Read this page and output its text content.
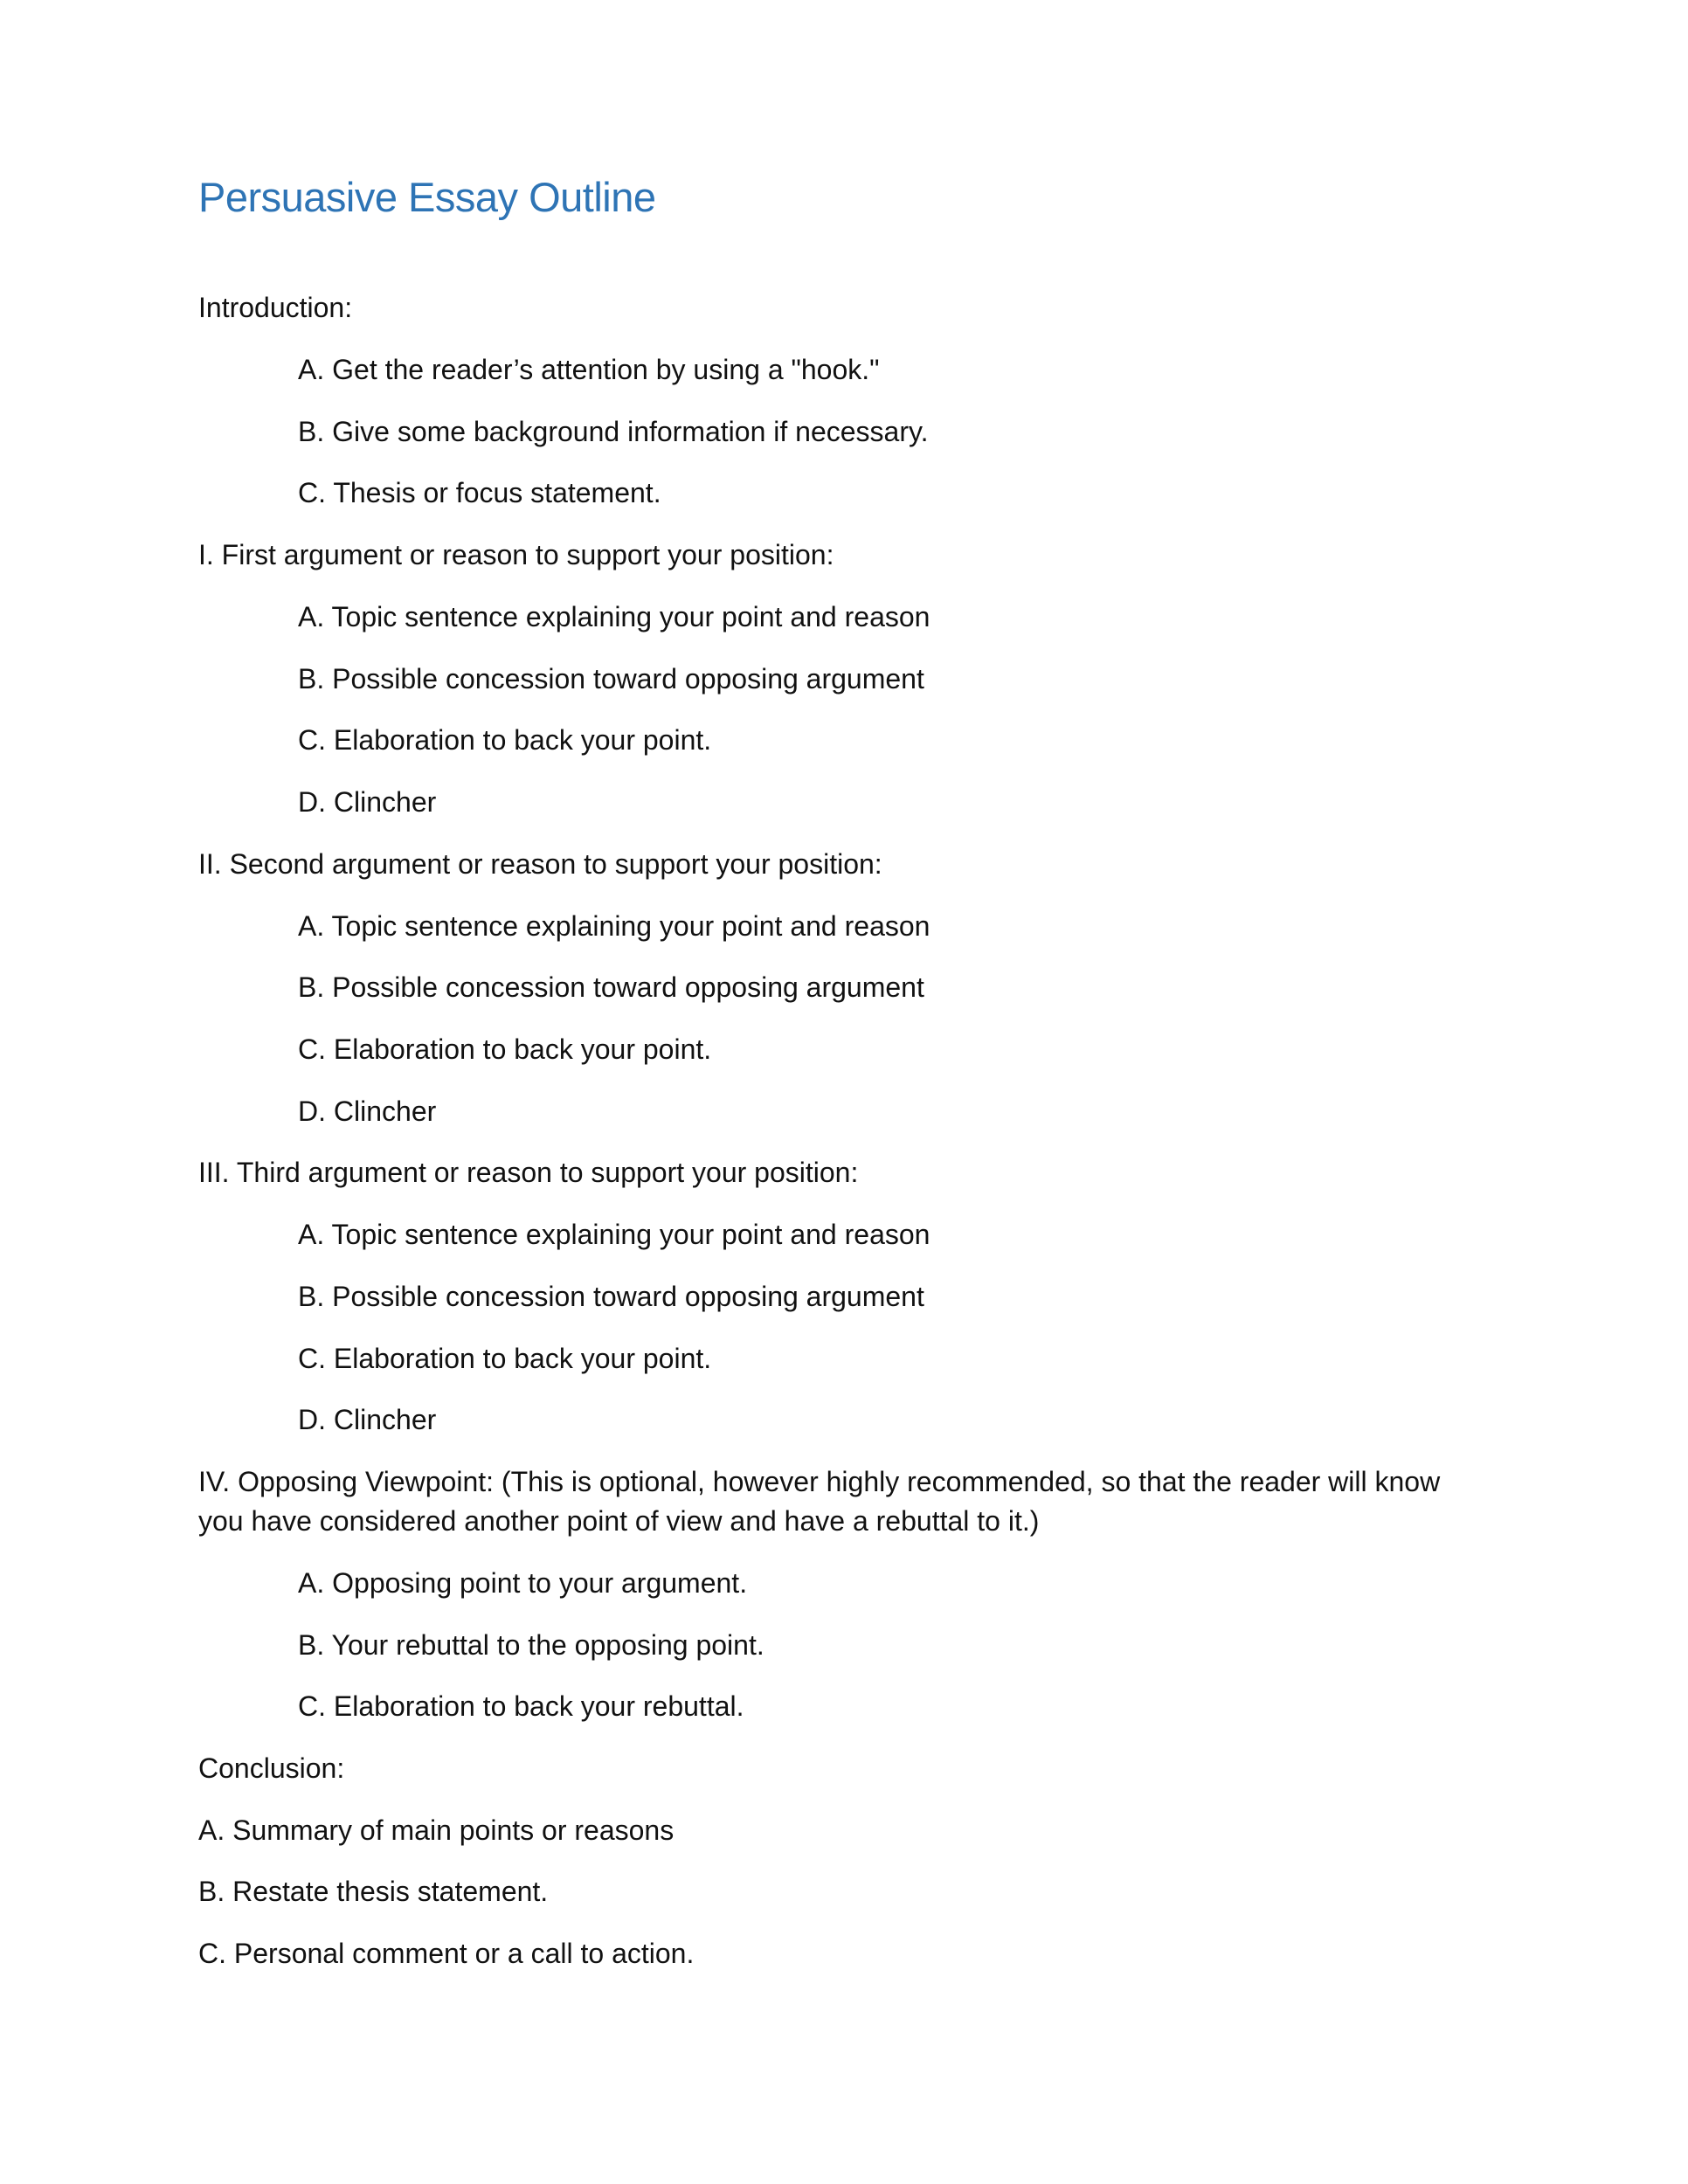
Persuasive Essay Outline

Introduction:

A. Get the reader’s attention by using a "hook."

B. Give some background information if necessary.

C. Thesis or focus statement.

I. First argument or reason to support your position:

A. Topic sentence explaining your point and reason

B. Possible concession toward opposing argument

C. Elaboration to back your point.

D. Clincher

II. Second argument or reason to support your position:

A. Topic sentence explaining your point and reason

B. Possible concession toward opposing argument

C. Elaboration to back your point.

D. Clincher

III. Third argument or reason to support your position:

A. Topic sentence explaining your point and reason

B. Possible concession toward opposing argument

C. Elaboration to back your point.

D. Clincher

IV. Opposing Viewpoint: (This is optional, however highly recommended, so that the reader will know

you have considered another point of view and have a rebuttal to it.)

A. Opposing point to your argument.

B. Your rebuttal to the opposing point.

C. Elaboration to back your rebuttal.

Conclusion:

A. Summary of main points or reasons

B. Restate thesis statement.

C. Personal comment or a call to action.
